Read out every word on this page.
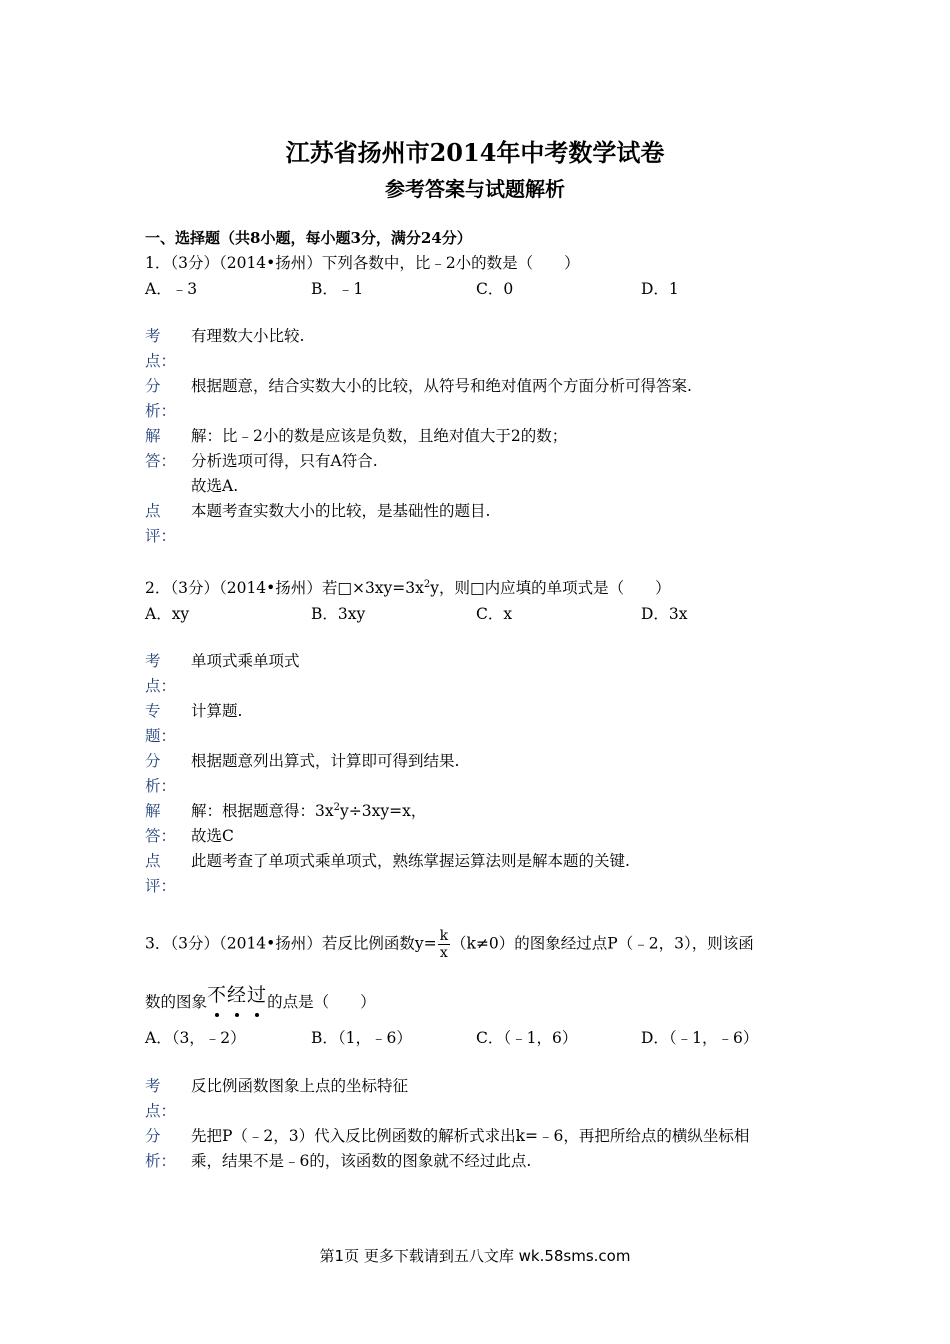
江苏省扬州市2014年中考数学试卷
参考答案与试题解析
一、选择题（共8小题，每小题3分，满分24分）
1．（3分）（2014•扬州）下列各数中，比﹣2小的数是（　　）
A．﹣3	B．﹣1	C．0	D．1
考
点：
有理数大小比较.
分
析：
根据题意，结合实数大小的比较，从符号和绝对值两个方面分析可得答案.
解
答：
解：比﹣2小的数是应该是负数，且绝对值大于2的数；
分析选项可得，只有A符合.
故选A.
点
评：
本题考查实数大小的比较，是基础性的题目.
2．（3分）（2014•扬州）若$□\times 3xy=3x^2y$，则□内应填的单项式是（　　）
A．xy	B．3xy	C．x	D．3x
考
点：
单项式乘单项式
专
题：
计算题.
分
析：
根据题意列出算式，计算即可得到结果.
解
答：
解：根据题意得：$3x^2y\div 3xy=x$，
故选C
点
评：
此题考查了单项式乘单项式，熟练掌握运算法则是解本题的关键.
3．（3分）（2014•扬州）若反比例函数$y= \frac{k}{x} (k\ne 0)$的图象经过点P（﹣2，3），则该函
数的图象不经过的点是（　　）
A．（3，﹣2）	B．（1，﹣6）	C．（﹣1，6）	D．（﹣1，﹣6）
考
点：
反比例函数图象上点的坐标特征
分
析：
先把P（﹣2，3）代入反比例函数的解析式求出k=﹣6，再把所给点的横纵坐标相
乘，结果不是﹣6的，该函数的图象就不经过此点.
第1页 更多下载请到五八文库 wk.58sms.com
